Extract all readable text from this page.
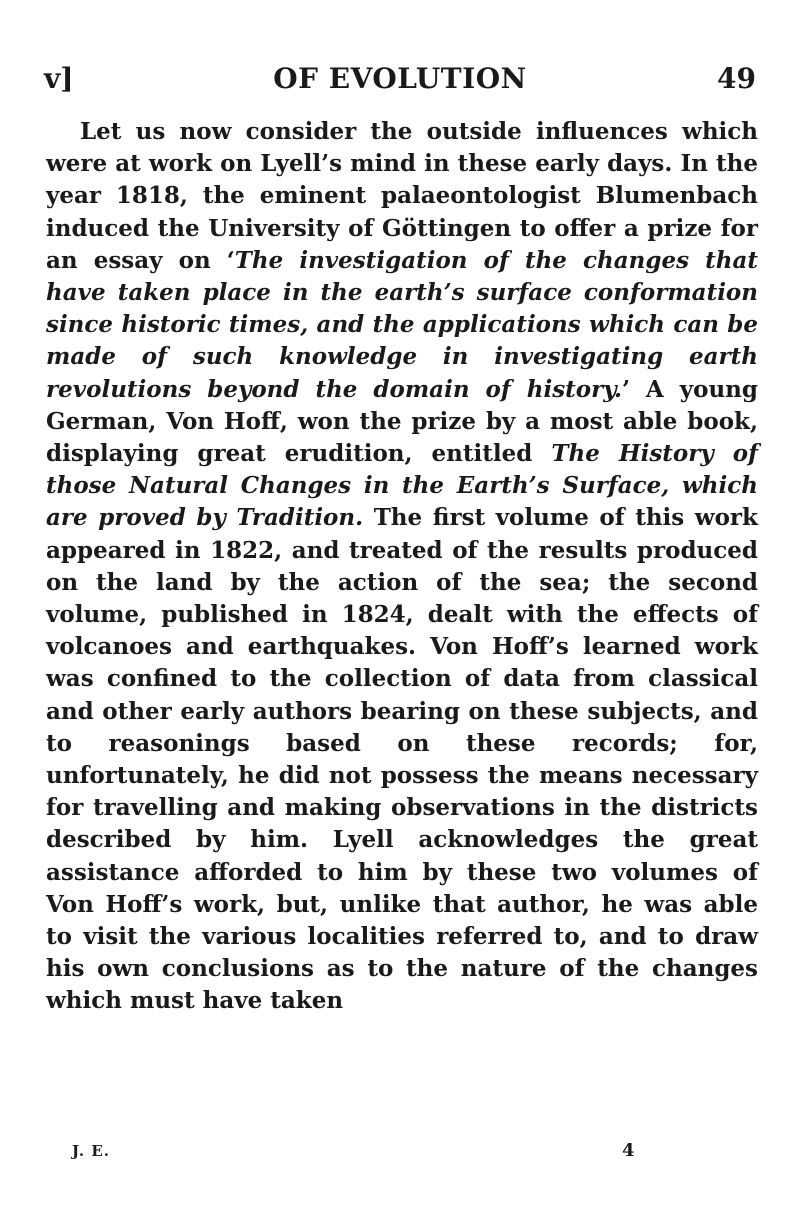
v]	OF EVOLUTION	49

Let us now consider the outside influences which were at work on Lyell’s mind in these early days. In the year 1818, the eminent palaeontologist Blumenbach induced the University of Göttingen to offer a prize for an essay on ‘The investigation of the changes that have taken place in the earth’s surface conformation since historic times, and the applications which can be made of such knowledge in investigating earth revolutions beyond the domain of history.’ A young German, Von Hoff, won the prize by a most able book, displaying great erudition, entitled The History of those Natural Changes in the Earth’s Surface, which are proved by Tradition. The first volume of this work appeared in 1822, and treated of the results produced on the land by the action of the sea; the second volume, published in 1824, dealt with the effects of volcanoes and earthquakes. Von Hoff’s learned work was confined to the collection of data from classical and other early authors bearing on these subjects, and to reasonings based on these records; for, unfortunately, he did not possess the means necessary for travelling and making observations in the districts described by him. Lyell acknowledges the great assistance afforded to him by these two volumes of Von Hoff’s work, but, unlike that author, he was able to visit the various localities referred to, and to draw his own conclusions as to the nature of the changes which must have taken

J. E.	4
